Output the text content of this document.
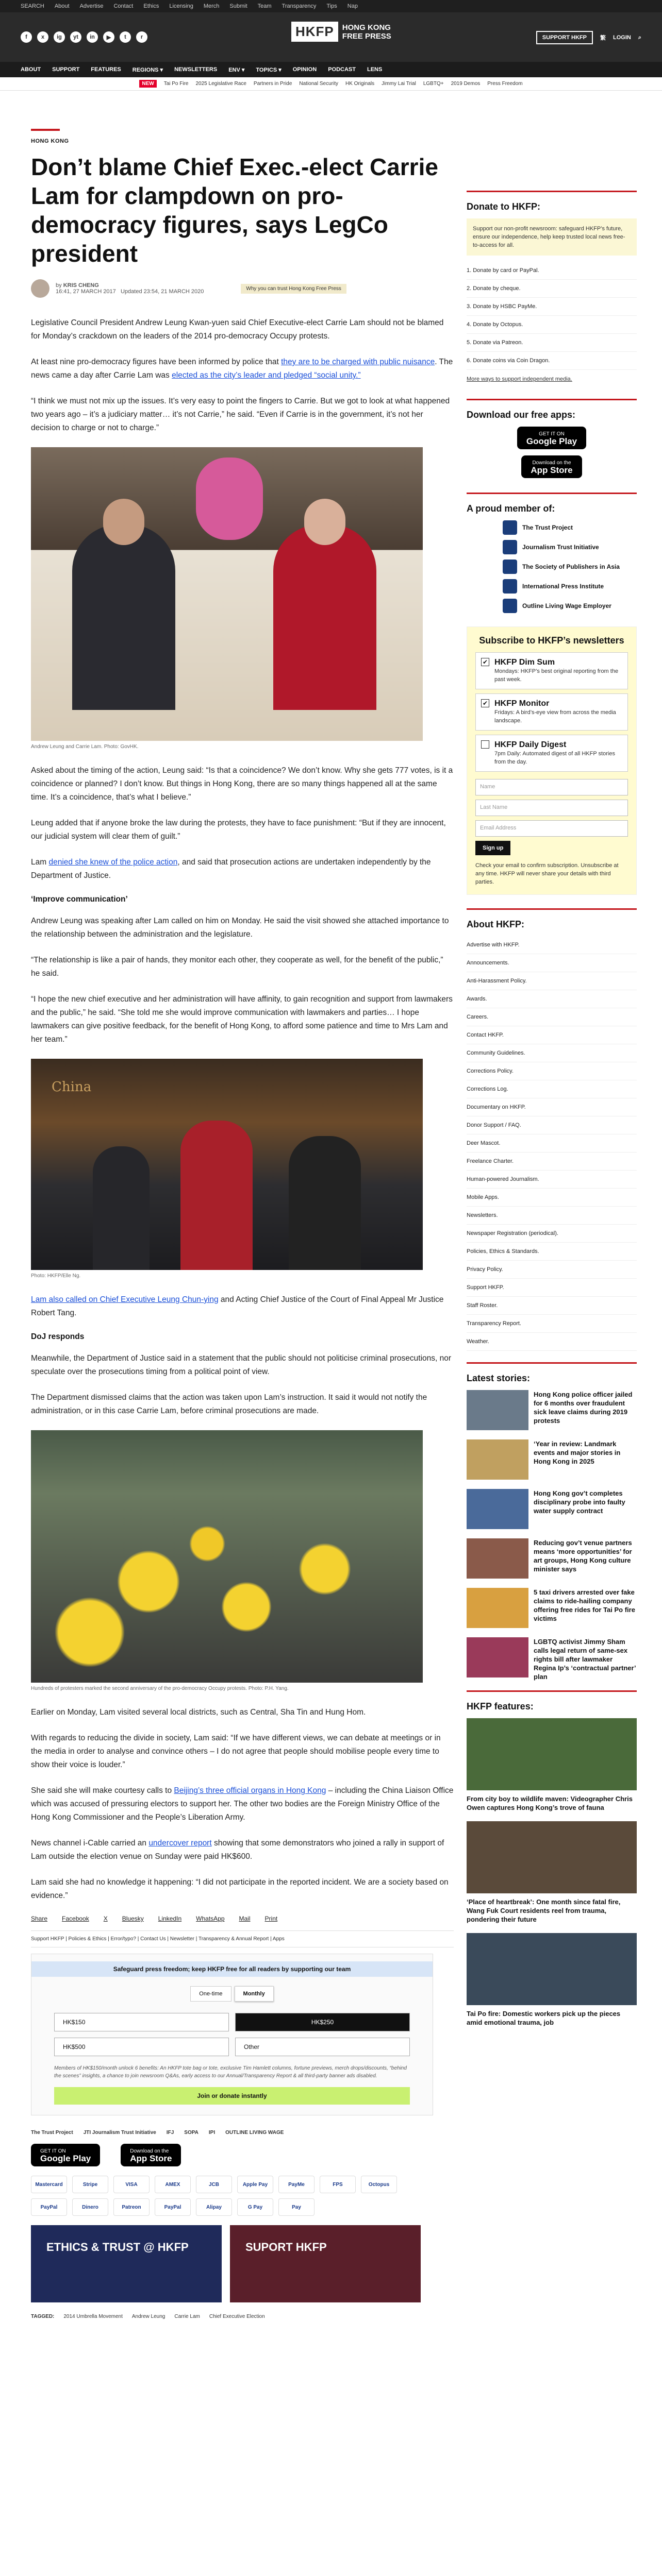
SEARCH About Advertise Contact Ethics Licensing Merch Submit Team Transparency Tips Nap
f	x	ig	yt	in	▶	t	r	HKFP	HONG KONG
FREE PRESS	SUPPORT HKFP	繁 LOGIN ⌕
ABOUT SUPPORT FEATURES REGIONS ▾ NEWSLETTERS ENV ▾ TOPICS ▾ OPINION PODCAST LENS
NEW	Tai Po Fire 2025 Legislative Race Partners in Pride National Security HK Originals Jimmy Lai Trial LGBTQ+ 2019 Demos Press Freedom
HONG KONG
Don’t blame Chief Exec.-elect Carrie Lam for clampdown on pro-democracy figures, says LegCo president
by KRIS CHENG
16:41, 27 MARCH 2017 Updated 23:54, 21 MARCH 2020	Why you can trust Hong Kong Free Press

Legislative Council President Andrew Leung Kwan-yuen said Chief Executive-elect Carrie Lam should not be blamed for Monday’s crackdown on the leaders of the 2014 pro-democracy Occupy protests.

At least nine pro-democracy figures have been informed by police that they are to be charged with public nuisance. The news came a day after Carrie Lam was elected as the city’s leader and pledged “social unity.”

“I think we must not mix up the issues. It’s very easy to point the fingers to Carrie. But we got to look at what happened two years ago – it’s a judiciary matter… it’s not Carrie,” he said. “Even if Carrie is in the government, it’s not her decision to charge or not to charge.”

Andrew Leung and Carrie Lam. Photo: GovHK.

Asked about the timing of the action, Leung said: “Is that a coincidence? We don’t know. Why she gets 777 votes, is it a coincidence or planned? I don’t know. But things in Hong Kong, there are so many things happened all at the same time. It’s a coincidence, that’s what I believe.”

Leung added that if anyone broke the law during the protests, they have to face punishment: “But if they are innocent, our judicial system will clear them of guilt.”

Lam denied she knew of the police action, and said that prosecution actions are undertaken independently by the Department of Justice.

‘Improve communication’

Andrew Leung was speaking after Lam called on him on Monday. He said the visit showed she attached importance to the relationship between the administration and the legislature.

“The relationship is like a pair of hands, they monitor each other, they cooperate as well, for the benefit of the public,” he said.

“I hope the new chief executive and her administration will have affinity, to gain recognition and support from lawmakers and the public,” he said. “She told me she would improve communication with lawmakers and parties… I hope lawmakers can give positive feedback, for the benefit of Hong Kong, to afford some patience and time to Mrs Lam and her team.”

China
Photo: HKFP/Elle Ng.

Lam also called on Chief Executive Leung Chun-ying and Acting Chief Justice of the Court of Final Appeal Mr Justice Robert Tang.

DoJ responds

Meanwhile, the Department of Justice said in a statement that the public should not politicise criminal prosecutions, nor speculate over the prosecutions timing from a political point of view.

The Department dismissed claims that the action was taken upon Lam’s instruction. It said it would not notify the administration, or in this case Carrie Lam, before criminal prosecutions are made.

Hundreds of protesters marked the second anniversary of the pro-democracy Occupy protests. Photo: P.H. Yang.

Earlier on Monday, Lam visited several local districts, such as Central, Sha Tin and Hung Hom.

With regards to reducing the divide in society, Lam said: “If we have different views, we can debate at meetings or in the media in order to analyse and convince others – I do not agree that people should mobilise people every time to show their voice is louder.”

She said she will make courtesy calls to Beijing’s three official organs in Hong Kong – including the China Liaison Office which was accused of pressuring electors to support her. The other two bodies are the Foreign Ministry Office of the Hong Kong Commissioner and the People’s Liberation Army.

News channel i-Cable carried an undercover report showing that some demonstrators who joined a rally in support of Lam outside the election venue on Sunday were paid HK$600.

Lam said she had no knowledge it happening: “I did not participate in the reported incident. We are a society based on evidence.”

Share Facebook X Bluesky LinkedIn WhatsApp Mail Print
Support HKFP | Policies & Ethics | Error/typo? | Contact Us | Newsletter | Transparency & Annual Report | Apps
Safeguard press freedom; keep HKFP free for all readers by supporting our team
One-time	Monthly
HK$150	HK$250
HK$500	Other
Members of HK$150/month unlock 6 benefits: An HKFP tote bag or tote, exclusive Tim Hamlett columns, fortune previews, merch drops/discounts, “behind the scenes” insights, a chance to join newsroom Q&As, early access to our Annual/Transparency Report & all third-party banner ads disabled.
Join or donate instantly
The Trust Project JTI Journalism Trust Initiative IFJ SOPA IPI OUTLINE LIVING WAGE
GET IT ON
Google Play
Download on the
App Store
Mastercard	Stripe	VISA	AMEX	JCB	Apple Pay	PayMe	FPS	Octopus
PayPal	Dinero	Patreon	PayPal	Alipay	G Pay	Pay
ETHICS & TRUST @ HKFP	SUPORT HKFP
TAGGED: 2014 Umbrella Movement Andrew Leung Carrie Lam Chief Executive Election
Donate to HKFP:
Support our non-profit newsroom: safeguard HKFP’s future, ensure our independence, help keep trusted local news free-to-access for all.
1. Donate by card or PayPal.
2. Donate by cheque.
3. Donate by HSBC PayMe.
4. Donate by Octopus.
5. Donate via Patreon.
6. Donate coins via Coin Dragon.
More ways to support independent media.
Download our free apps:
GET IT ON
Google Play

Download on the
App Store
A proud member of:
The Trust Project
Journalism Trust Initiative
The Society of Publishers in Asia
International Press Institute
Outline Living Wage Employer
Subscribe to HKFP’s newsletters
✔ HKFP Dim Sum
Mondays: HKFP’s best original reporting from the past week.
✔ HKFP Monitor
Fridays: A bird’s-eye view from across the media landscape.
HKFP Daily Digest
7pm Daily: Automated digest of all HKFP stories from the day.
Name
Last Name
Email Address
Sign up
Check your email to confirm subscription. Unsubscribe at any time. HKFP will never share your details with third parties.
About HKFP:
Advertise with HKFP.
Announcements.
Anti-Harassment Policy.
Awards.
Careers.
Contact HKFP.
Community Guidelines.
Corrections Policy.
Corrections Log.
Documentary on HKFP.
Donor Support / FAQ.
Deer Mascot.
Freelance Charter.
Human-powered Journalism.
Mobile Apps.
Newsletters.
Newspaper Registration (periodical).
Policies, Ethics & Standards.
Privacy Policy.
Support HKFP.
Staff Roster.
Transparency Report.
Weather.
Latest stories:
Hong Kong police officer jailed for 6 months over fraudulent sick leave claims during 2019 protests
‘Year in review: Landmark events and major stories in Hong Kong in 2025
Hong Kong gov’t completes disciplinary probe into faulty water supply contract
Reducing gov’t venue partners means ‘more opportunities’ for art groups, Hong Kong culture minister says
5 taxi drivers arrested over fake claims to ride-hailing company offering free rides for Tai Po fire victims
LGBTQ activist Jimmy Sham calls legal return of same-sex rights bill after lawmaker Regina Ip’s ‘contractual partner’ plan
HKFP features:
From city boy to wildlife maven: Videographer Chris Owen captures Hong Kong’s trove of fauna
‘Place of heartbreak’: One month since fatal fire, Wang Fuk Court residents reel from trauma, pondering their future
Tai Po fire: Domestic workers pick up the pieces amid emotional trauma, job
